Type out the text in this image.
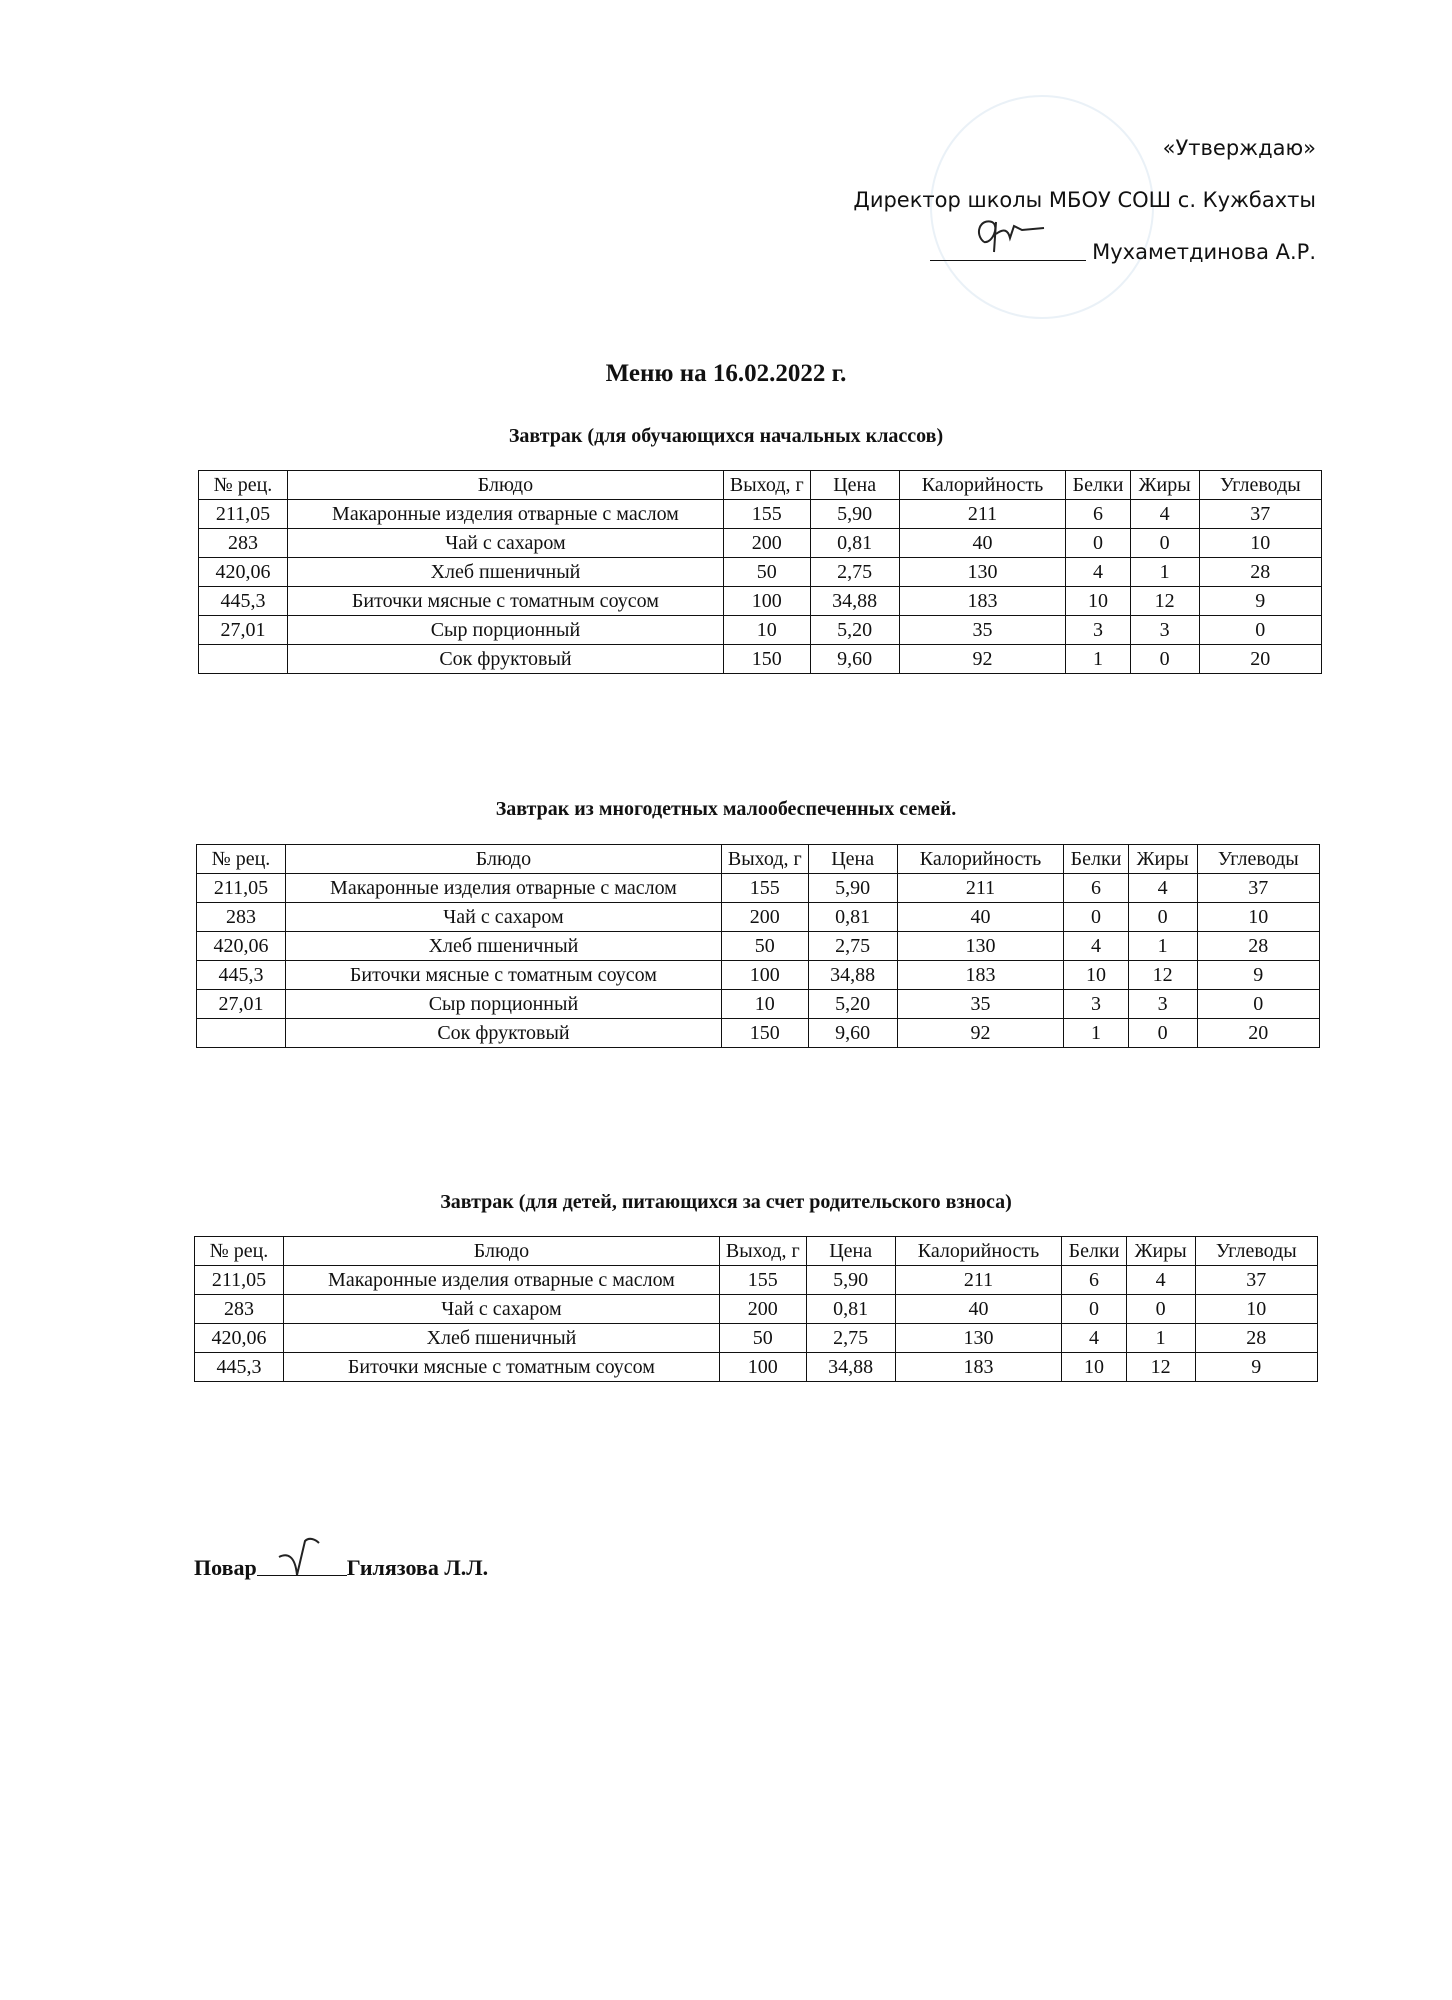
«Утверждаю»
Директор школы МБОУ СОШ с. Кужбахты
Мухаметдинова А.Р.
Меню на 16.02.2022 г.
Завтрак (для обучающихся начальных классов)
№ рец.	Блюдо	Выход, г	Цена	Калорийность	Белки	Жиры	Углеводы
211,05	Макаронные изделия отварные с маслом	155	5,90	211	6	4	37
283	Чай с сахаром	200	0,81	40	0	0	10
420,06	Хлеб пшеничный	50	2,75	130	4	1	28
445,3	Биточки мясные с томатным соусом	100	34,88	183	10	12	9
27,01	Сыр порционный	10	5,20	35	3	3	0
	Сок фруктовый	150	9,60	92	1	0	20
Завтрак из многодетных малообеспеченных семей.
№ рец.	Блюдо	Выход, г	Цена	Калорийность	Белки	Жиры	Углеводы
211,05	Макаронные изделия отварные с маслом	155	5,90	211	6	4	37
283	Чай с сахаром	200	0,81	40	0	0	10
420,06	Хлеб пшеничный	50	2,75	130	4	1	28
445,3	Биточки мясные с томатным соусом	100	34,88	183	10	12	9
27,01	Сыр порционный	10	5,20	35	3	3	0
	Сок фруктовый	150	9,60	92	1	0	20
Завтрак (для детей, питающихся за счет родительского взноса)
№ рец.	Блюдо	Выход, г	Цена	Калорийность	Белки	Жиры	Углеводы
211,05	Макаронные изделия отварные с маслом	155	5,90	211	6	4	37
283	Чай с сахаром	200	0,81	40	0	0	10
420,06	Хлеб пшеничный	50	2,75	130	4	1	28
445,3	Биточки мясные с томатным соусом	100	34,88	183	10	12	9
Повар	Гилязова Л.Л.
